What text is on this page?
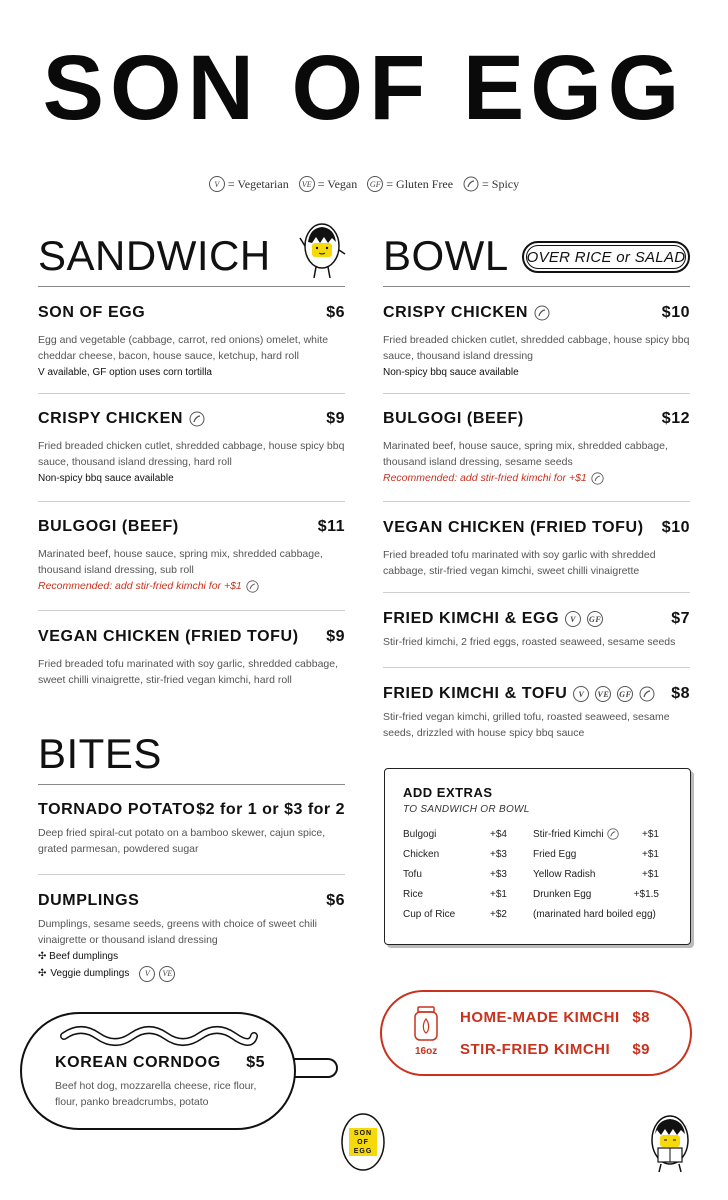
SON OF EGG
V = Vegetarian	VE = Vegan	GF = Gluten Free = Spicy
SANDWICH
SON OF EGG	$6
Egg and vegetable (cabbage, carrot, red onions) omelet, white cheddar cheese, bacon, house sauce, ketchup, hard roll
V available, GF option uses corn tortilla
CRISPY CHICKEN	$9
Fried breaded chicken cutlet, shredded cabbage, house spicy bbq sauce, thousand island dressing, hard roll
Non-spicy bbq sauce available
BULGOGI (BEEF)	$11
Marinated beef, house sauce, spring mix, shredded cabbage, thousand island dressing, sub roll
Recommended: add stir-fried kimchi for +$1
VEGAN CHICKEN (FRIED TOFU) $9
Fried breaded tofu marinated with soy garlic, shredded cabbage, sweet chilli vinaigrette, stir-fried vegan kimchi, hard roll
BOWL OVER RICE or SALAD
CRISPY CHICKEN	$10
Fried breaded chicken cutlet, shredded cabbage, house spicy bbq sauce, thousand island dressing
Non-spicy bbq sauce available
BULGOGI (BEEF)	$12
Marinated beef, house sauce, spring mix, shredded cabbage, thousand island dressing, sesame seeds
Recommended: add stir-fried kimchi for +$1
VEGAN CHICKEN (FRIED TOFU) $10
Fried breaded tofu marinated with soy garlic with shredded cabbage, stir-fried vegan kimchi, sweet chilli vinaigrette
FRIED KIMCHI & EGG	V	GF	$7
Stir-fried kimchi, 2 fried eggs, roasted seaweed, sesame seeds
FRIED KIMCHI & TOFU	V	VE GF $8
Stir-fried vegan kimchi, grilled tofu, roasted seaweed, sesame seeds, drizzled with house spicy bbq sauce
BITES
TORNADO POTATO $2 for 1 or $3 for 2
Deep fried spiral-cut potato on a bamboo skewer, cajun spice, grated parmesan, powdered sugar
DUMPLINGS	$6
Dumplings, sesame seeds, greens with choice of sweet chili vinaigrette or thousand island dressing
✣ Beef dumplings
✣ Veggie dumplings	V	VE
ADD EXTRAS
TO SANDWICH OR BOWL
Bulgogi	+$4
Chicken	+$3
Tofu	+$3
Rice	+$1
Cup of Rice	+$2
Stir-fried Kimchi	+$1
Fried Egg	+$1
Yellow Radish	+$1
Drunken Egg	+$1.5
(marinated hard boiled egg)
16oz
HOME-MADE KIMCHI $8
STIR-FRIED KIMCHI $9
KOREAN CORNDOG $5
Beef hot dog, mozzarella cheese, rice flour, flour, panko breadcrumbs, potato
SON
OF
EGG
